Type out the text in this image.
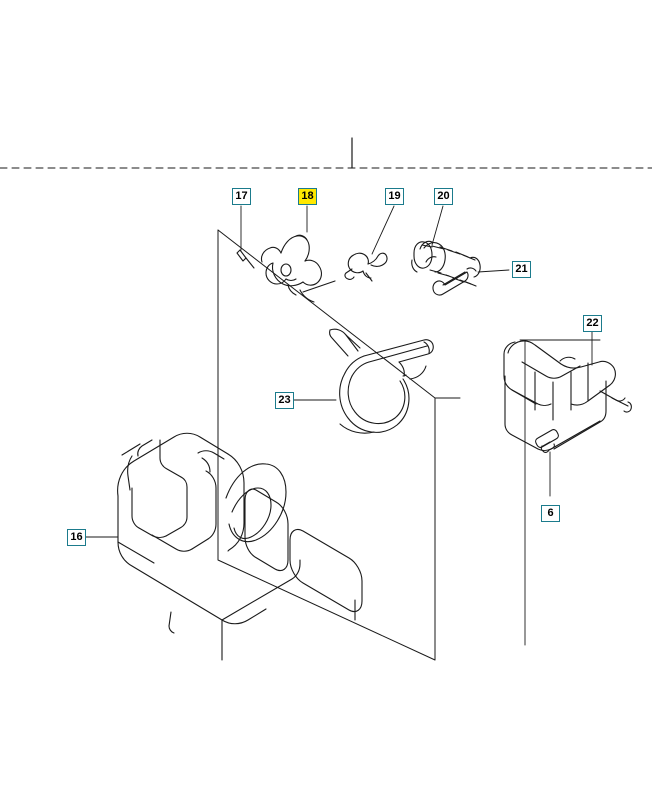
17	18	19	20
21
22
23
6
16
